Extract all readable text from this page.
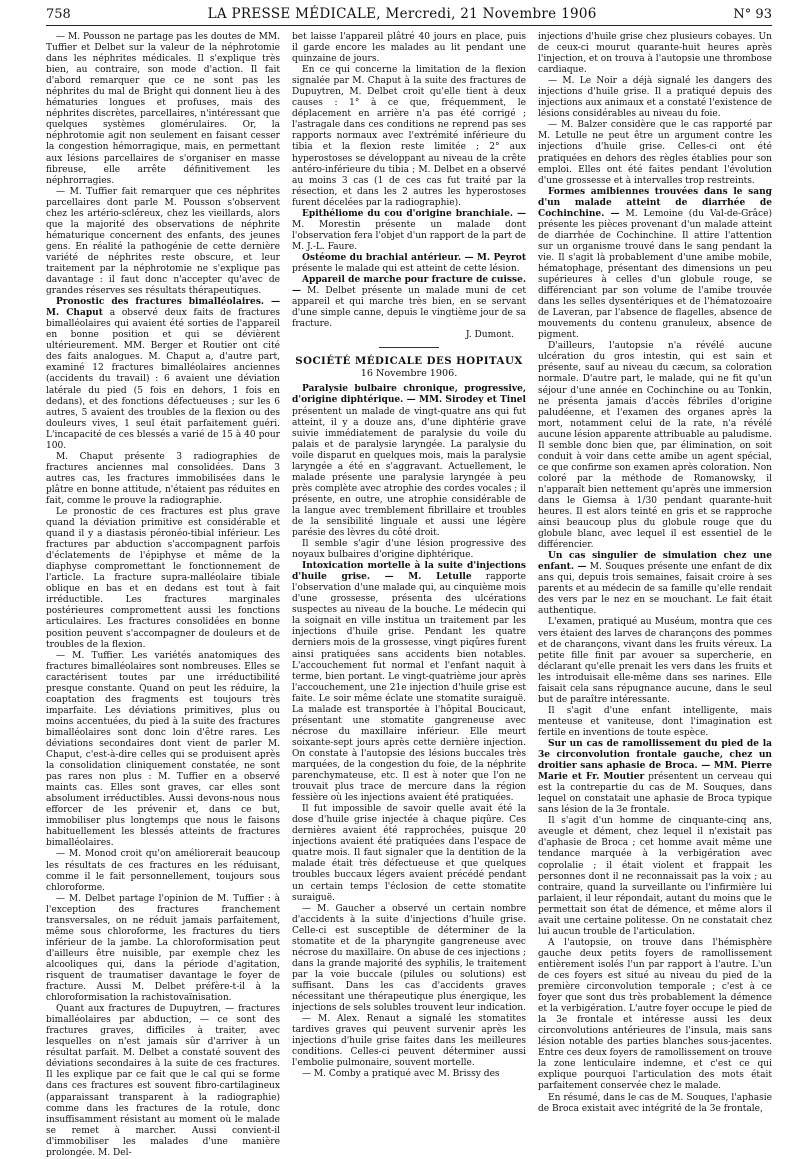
758	LA PRESSE MÉDICALE, Mercredi, 21 Novembre 1906	N° 93

— M. Pousson ne partage pas les doutes de MM. Tuffier et Delbet sur la valeur de la néphrotomie dans les néphrites médicales. Il s'explique très bien, au contraire, son mode d'action. Il fait d'abord remarquer que ce ne sont pas les néphrites du mal de Bright qui donnent lieu à des hématuries longues et profuses, mais des néphrites discrètes, parcellaires, n'intéressant que quelques systèmes glomérulaires. Or, la néphrotomie agit non seulement en faisant cesser la congestion hémorragique, mais, en permettant aux lésions parcellaires de s'organiser en masse fibreuse, elle arrête définitivement les néphrorragies.

— M. Tuffier fait remarquer que ces néphrites parcellaires dont parle M. Pousson s'observent chez les artério-scléreux, chez les vieillards, alors que la majorité des observations de néphrite hématurique concernent des enfants, des jeunes gens. En réalité la pathogénie de cette dernière variété de néphrites reste obscure, et leur traitement par la néphrotomie ne s'explique pas davantage : il faut donc n'accepter qu'avec de grandes réserves ses résultats thérapeutiques.

Pronostic des fractures bimalléolaires. — M. Chaput a observé deux faits de fractures bimalléolaires qui avaient été sorties de l'appareil en bonne position et qui se dévièrent ultérieurement. MM. Berger et Routier ont cité des faits analogues. M. Chaput a, d'autre part, examiné 12 fractures bimalléolaires anciennes (accidents du travail) : 6 avaient une déviation latérale du pied (5 fois en dehors, 1 fois en dedans), et des fonctions défectueuses ; sur les 6 autres, 5 avaient des troubles de la flexion ou des douleurs vives, 1 seul était parfaitement guéri. L'incapacité de ces blessés a varié de 15 à 40 pour 100.

M. Chaput présente 3 radiographies de fractures anciennes mal consolidées. Dans 3 autres cas, les fractures immobilisées dans le plâtre en bonne attitude, n'étaient pas réduites en fait, comme le prouve la radiographie.

Le pronostic de ces fractures est plus grave quand la déviation primitive est considérable et quand il y a diastasis péronéo-tibial inférieur. Les fractures par abduction s'accompagnent parfois d'éclatements de l'épiphyse et même de la diaphyse compromettant le fonctionnement de l'article. La fracture supra-malléolaire tibiale oblique en bas et en dedans est tout à fait irréductible. Les fractures marginales postérieures compromettent aussi les fonctions articulaires. Les fractures consolidées en bonne position peuvent s'accompagner de douleurs et de troubles de la flexion.

— M. Tuffier. Les variétés anatomiques des fractures bimalléolaires sont nombreuses. Elles se caractérisent toutes par une irréductibilité presque constante. Quand on peut les réduire, la coaptation des fragments est toujours très imparfaite. Les déviations primitives, plus ou moins accentuées, du pied à la suite des fractures bimalléolaires sont donc loin d'être rares. Les déviations secondaires dont vient de parler M. Chaput, c'est-à-dire celles qui se produisent après la consolidation cliniquement constatée, ne sont pas rares non plus : M. Tuffier en a observé maints cas. Elles sont graves, car elles sont absolument irréductibles. Aussi devons-nous nous efforcer de les prévenir et, dans ce but, immobiliser plus longtemps que nous le faisons habituellement les blessés atteints de fractures bimalléolaires.

— M. Monod croit qu'on améliorerait beaucoup les résultats de ces fractures en les réduisant, comme il le fait personnellement, toujours sous chloroforme.

— M. Delbet partage l'opinion de M. Tuffier : à l'exception des fractures franchement transversales, on ne réduit jamais parfaitement, même sous chloroforme, les fractures du tiers inférieur de la jambe. La chloroformisation peut d'ailleurs être nuisible, par exemple chez les alcooliques qui, dans la période d'agitation, risquent de traumatiser davantage le foyer de fracture. Aussi M. Delbet préfère-t-il à la chloroformisation la rachistovaïnisation.

Quant aux fractures de Dupuytren, — fractures bimalléolaires par abduction, — ce sont des fractures graves, difficiles à traiter, avec lesquelles on n'est jamais sûr d'arriver à un résultat parfait. M. Delbet a constaté souvent des déviations secondaires à la suite de ces fractures. Il les explique par ce fait que le cal qui se forme dans ces fractures est souvent fibro-cartilagineux (apparaissant transparent à la radiographie) comme dans les fractures de la rotule, donc insuffisamment résistant au moment où le malade se remet à marcher. Aussi convient-il d'immobiliser les malades d'une manière prolongée. M. Del-

bet laisse l'appareil plâtré 40 jours en place, puis il garde encore les malades au lit pendant une quinzaine de jours.

En ce qui concerne la limitation de la flexion signalée par M. Chaput à la suite des fractures de Dupuytren, M. Delbet croit qu'elle tient à deux causes : 1° à ce que, fréquemment, le déplacement en arrière n'a pas été corrigé ; l'astragale dans ces conditions ne reprend pas ses rapports normaux avec l'extrémité inférieure du tibia et la flexion reste limitée ; 2° aux hyperostoses se développant au niveau de la crête antéro-inférieure du tibia ; M. Delbet en a observé au moins 3 cas (1 de ces cas fut traité par la résection, et dans les 2 autres les hyperostoses furent décelées par la radiographie).

Epithéliome du cou d'origine branchiale. — M. Morestin présente un malade dont l'observation fera l'objet d'un rapport de la part de M. J.-L. Faure.

Ostéome du brachial antérieur. — M. Peyrot présente le malade qui est atteint de cette lésion.

Appareil de marche pour fracture de cuisse. — M. Delbet présente un malade muni de cet appareil et qui marche très bien, en se servant d'une simple canne, depuis le vingtième jour de sa fracture.

J. Dumont.

SOCIÉTÉ MÉDICALE DES HOPITAUX
16 Novembre 1906.

Paralysie bulbaire chronique, progressive, d'origine diphtérique. — MM. Sirodey et Tinel présentent un malade de vingt-quatre ans qui fut atteint, il y a douze ans, d'une diphtérie grave suivie immédiatement de paralysie du voile du palais et de paralysie laryngée. La paralysie du voile disparut en quelques mois, mais la paralysie laryngée a été en s'aggravant. Actuellement, le malade présente une paralysie laryngée à peu près complète avec atrophie des cordes vocales ; il présente, en outre, une atrophie considérable de la langue avec tremblement fibrillaire et troubles de la sensibilité linguale et aussi une légère parésie des lèvres du côté droit.

Il semble s'agir d'une lésion progressive des noyaux bulbaires d'origine diphtérique.

Intoxication mortelle à la suite d'injections d'huile grise. — M. Letulle rapporte l'observation d'une malade qui, au cinquième mois d'une grossesse, présenta des ulcérations suspectes au niveau de la bouche. Le médecin qui la soignait en ville institua un traitement par les injections d'huile grise. Pendant les quatre derniers mois de la grossesse, vingt piqûres furent ainsi pratiquées sans accidents bien notables. L'accouchement fut normal et l'enfant naquit à terme, bien portant. Le vingt-quatrième jour après l'accouchement, une 21e injection d'huile grise est faite. Le soir même éclate une stomatite suraiguë. La malade est transportée à l'hôpital Boucicaut, présentant une stomatite gangreneuse avec nécrose du maxillaire inférieur. Elle meurt soixante-sept jours après cette dernière injection. On constate à l'autopsie des lésions buccales très marquées, de la congestion du foie, de la néphrite parenchymateuse, etc. Il est à noter que l'on ne trouvait plus trace de mercure dans la région fessière où les injections avaient été pratiquées.

Il fut impossible de savoir quelle avait été la dose d'huile grise injectée à chaque piqûre. Ces dernières avaient été rapprochées, puisque 20 injections avaient été pratiquées dans l'espace de quatre mois. Il faut signaler que la dentition de la malade était très défectueuse et que quelques troubles buccaux légers avaient précédé pendant un certain temps l'éclosion de cette stomatite suraiguë.

— M. Gaucher a observé un certain nombre d'accidents à la suite d'injections d'huile grise. Celle-ci est susceptible de déterminer de la stomatite et de la pharyngite gangreneuse avec nécrose du maxillaire. On abuse de ces injections ; dans la grande majorité des syphilis, le traitement par la voie buccale (pilules ou solutions) est suffisant. Dans les cas d'accidents graves nécessitant une thérapeutique plus énergique, les injections de sels solubles trouvent leur indication.

— M. Alex. Renaut a signalé les stomatites tardives graves qui peuvent survenir après les injections d'huile grise faites dans les meilleures conditions. Celles-ci peuvent déterminer aussi l'embolie pulmonaire, souvent mortelle.

— M. Comby a pratiqué avec M. Brissy des

injections d'huile grise chez plusieurs cobayes. Un de ceux-ci mourut quarante-huit heures après l'injection, et on trouva à l'autopsie une thrombose cardiaque.

— M. Le Noir a déjà signalé les dangers des injections d'huile grise. Il a pratiqué depuis des injections aux animaux et a constaté l'existence de lésions considérables au niveau du foie.

— M. Balzer considère que le cas rapporté par M. Letulle ne peut être un argument contre les injections d'huile grise. Celles-ci ont été pratiquées en dehors des règles établies pour son emploi. Elles ont été faites pendant l'évolution d'une grossesse et à intervalles trop restreints.

Formes amibiennes trouvées dans le sang d'un malade atteint de diarrhée de Cochinchine. — M. Lemoine (du Val-de-Grâce) présente les pièces provenant d'un malade atteint de diarrhée de Cochinchine. Il attire l'attention sur un organisme trouvé dans le sang pendant la vie. Il s'agit là probablement d'une amibe mobile, hématophage, présentant des dimensions un peu supérieures à celles d'un globule rouge, se différenciant par son volume de l'amibe trouvée dans les selles dysentériques et de l'hématozoaire de Laveran, par l'absence de flagelles, absence de mouvements du contenu granuleux, absence de pigment.

D'ailleurs, l'autopsie n'a révélé aucune ulcération du gros intestin, qui est sain et présente, sauf au niveau du cæcum, sa coloration normale. D'autre part, le malade, qui ne fit qu'un séjour d'une année en Cochinchine ou au Tonkin, ne présenta jamais d'accès fébriles d'origine paludéenne, et l'examen des organes après la mort, notamment celui de la rate, n'a révélé aucune lésion apparente attribuable au paludisme. Il semble donc bien que, par élimination, on soit conduit à voir dans cette amibe un agent spécial, ce que confirme son examen après coloration. Non coloré par la méthode de Romanowsky, il n'apparaît bien nettement qu'après une immersion dans le Giemsa à 1/30 pendant quarante-huit heures. Il est alors teinté en gris et se rapproche ainsi beaucoup plus du globule rouge que du globule blanc, avec lequel il est essentiel de le différencier.

Un cas singulier de simulation chez une enfant. — M. Souques présente une enfant de dix ans qui, depuis trois semaines, faisait croire à ses parents et au médecin de sa famille qu'elle rendait des vers par le nez en se mouchant. Le fait était authentique.

L'examen, pratiqué au Muséum, montra que ces vers étaient des larves de charançons des pommes et de charançons, vivant dans les fruits véreux. La petite fille finit par avouer sa supercherie, en déclarant qu'elle prenait les vers dans les fruits et les introduisait elle-même dans ses narines. Elle faisait cela sans répugnance aucune, dans le seul but de paraître intéressante.

Il s'agit d'une enfant intelligente, mais menteuse et vaniteuse, dont l'imagination est fertile en inventions de toute espèce.

Sur un cas de ramollissement du pied de la 3e circonvolution frontale gauche, chez un droitier sans aphasie de Broca. — MM. Pierre Marie et Fr. Moutier présentent un cerveau qui est la contrepartie du cas de M. Souques, dans lequel on constatait une aphasie de Broca typique sans lésion de la 3e frontale.

Il s'agit d'un homme de cinquante-cinq ans, aveugle et dément, chez lequel il n'existait pas d'aphasie de Broca ; cet homme avait même une tendance marquée à la verbigération avec coprolalie ; il était violent et frappait les personnes dont il ne reconnaissait pas la voix ; au contraire, quand la surveillante ou l'infirmière lui parlaient, il leur répondait, autant du moins que le permettait son état de démence, et même alors il avait une certaine politesse. On ne constatait chez lui aucun trouble de l'articulation.

A l'autopsie, on trouve dans l'hémisphère gauche deux petits foyers de ramollissement entièrement isolés l'un par rapport à l'autre. L'un de ces foyers est situé au niveau du pied de la première circonvolution temporale ; c'est à ce foyer que sont dus très probablement la démence et la verbigération. L'autre foyer occupe le pied de la 3e frontale et intéresse aussi les deux circonvolutions antérieures de l'insula, mais sans lésion notable des parties blanches sous-jacentes. Entre ces deux foyers de ramollissement on trouve la zone lenticulaire indemne, et c'est ce qui explique pourquoi l'articulation des mots était parfaitement conservée chez le malade.

En résumé, dans le cas de M. Souques, l'aphasie de Broca existait avec intégrité de la 3e frontale,
